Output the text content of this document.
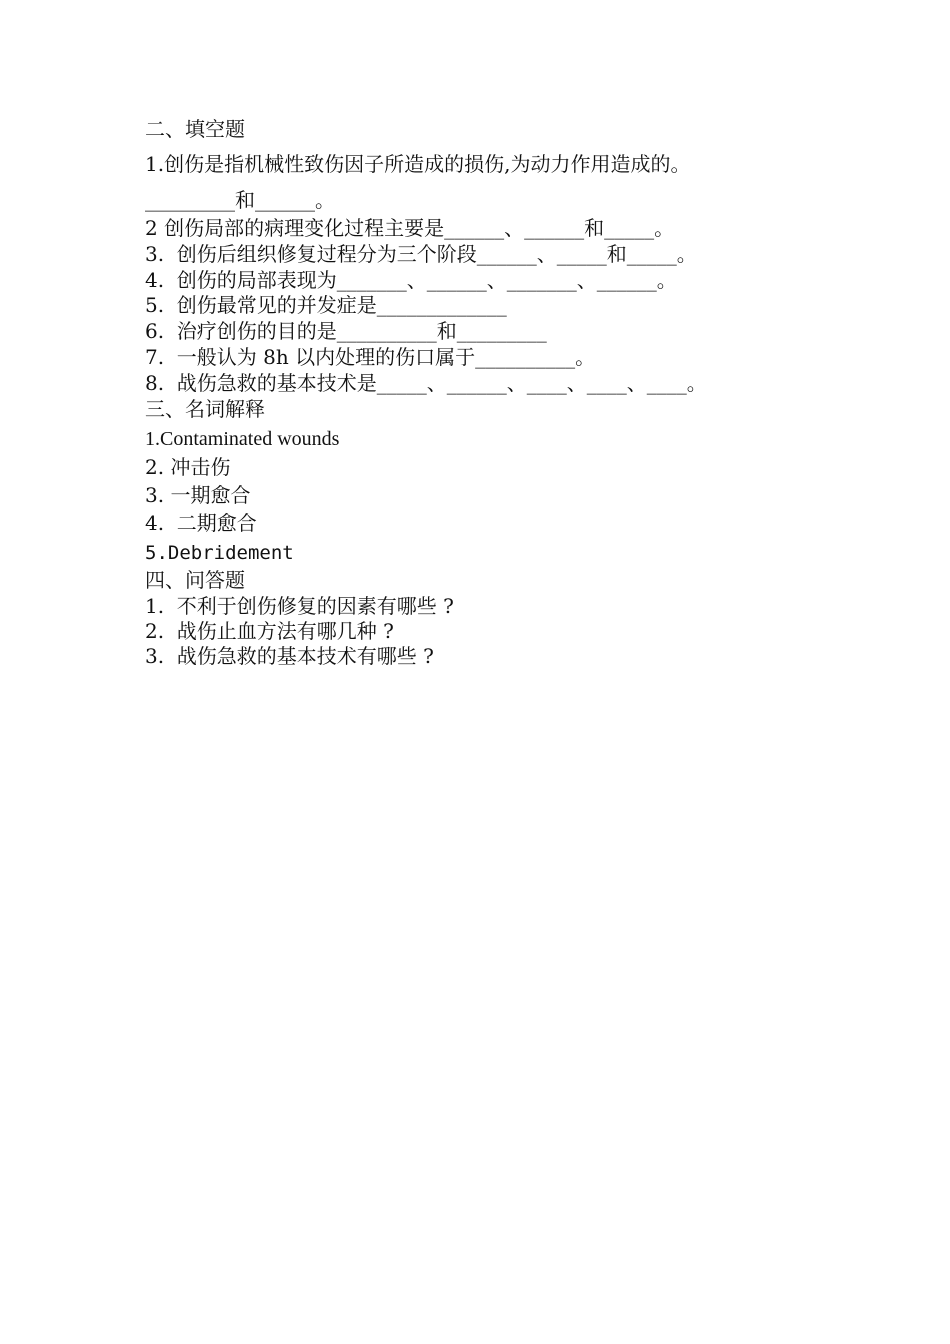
二、填空题

1.创伤是指机械性致伤因子所造成的损伤,为动力作用造成的。

_________和______。

2 创伤局部的病理变化过程主要是______、______和_____。

3.  创伤后组织修复过程分为三个阶段______、_____和_____。

4.  创伤的局部表现为_______、______、_______、______。

5.  创伤最常见的并发症是_____________

6.  治疗创伤的目的是__________和_________

7.  一般认为 8h 以内处理的伤口属于__________。

8.  战伤急救的基本技术是_____、______、____、____、____。

三、名词解释

1.Contaminated wounds

2. 冲击伤

3. 一期愈合

4.  二期愈合

5.Debridement

四、问答题

1.  不利于创伤修复的因素有哪些 ?

2.  战伤止血方法有哪几种 ?

3.  战伤急救的基本技术有哪些 ?
